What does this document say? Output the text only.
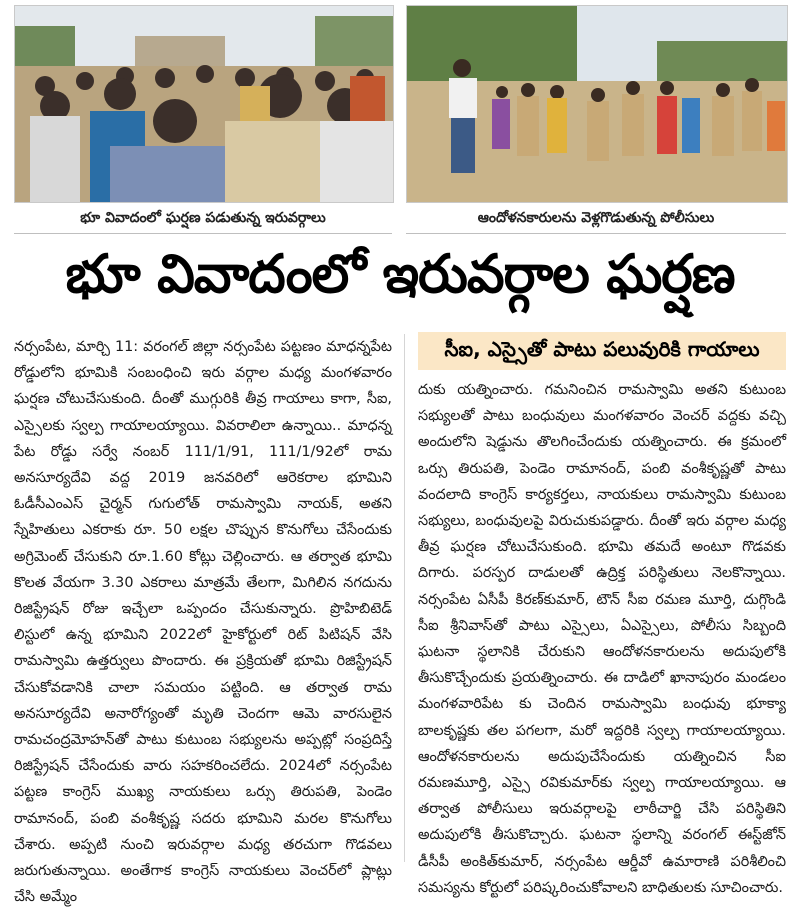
భూ వివాదంలో ఘర్షణ పడుతున్న ఇరువర్గాలు	ఆందోళనకారులను వెళ్లగొడుతున్న పోలీసులు
భూ వివాదంలో ఇరువర్గాల ఘర్షణ
సీఐ, ఎస్సైతో పాటు పలువురికి గాయాలు

నర్సంపేట, మార్చి 11: వరంగల్ జిల్లా నర్సంపేట పట్టణం మాధన్నపేట రోడ్డులోని భూమికి సంబంధించి ఇరు వర్గాల మధ్య మంగళవారం ఘర్షణ చోటుచేసుకుంది. దీంతో ముగ్గురికి తీవ్ర గాయాలు కాగా, సీఐ, ఎస్సైలకు స్వల్ప గాయాలయ్యాయి. వివరాలిలా ఉన్నాయి.. మాధన్న పేట రోడ్డు సర్వే నంబర్ 111/1/91, 111/1/92లో రామ అనసూర్యదేవి వద్ద 2019 జనవరిలో ఆరెకరాల భూమిని ఓడీసీఎంఎస్ చైర్మన్ గుగులోత్ రామస్వామి నాయక్, అతని స్నేహితులు ఎకరాకు రూ. 50 లక్షల చొప్పున కొనుగోలు చేసేందుకు అగ్రిమెంట్ చేసుకుని రూ.1.60 కోట్లు చెల్లించారు. ఆ తర్వాత భూమి కొలత వేయగా 3.30 ఎకరాలు మాత్రమే తేలగా, మిగిలిన నగదును రిజిస్ట్రేషన్ రోజు ఇచ్చేలా ఒప్పందం చేసుకున్నారు. ప్రొహిబిటెడ్ లిస్టులో ఉన్న భూమిని 2022లో హైకోర్టులో రిట్ పిటిషన్ వేసి రామస్వామి ఉత్తర్వులు పొందారు. ఈ ప్రక్రియతో భూమి రిజిస్ట్రేషన్ చేసుకోవడానికి చాలా సమయం పట్టింది. ఆ తర్వాత రామ అనసూర్యదేవి అనారోగ్యంతో మృతి చెందగా ఆమె వారసులైన రామచంద్రమోహన్‌తో పాటు కుటుంబ సభ్యులను అప్పట్లో సంప్రదిస్తే రిజిస్ట్రేషన్ చేసేందుకు వారు సహకరించలేదు. 2024లో నర్సంపేట పట్టణ కాంగ్రెస్ ముఖ్య నాయకులు ఒర్సు తిరుపతి, పెండెం రామానంద్, పంబి వంశీకృష్ణ సదరు భూమిని మరల కొనుగోలు చేశారు. అప్పటి నుంచి ఇరువర్గాల మధ్య తరచుగా గొడవలు జరుగుతున్నాయి. అంతేగాక కాంగ్రెస్ నాయకులు వెంచర్‌లో ప్లాట్లు చేసి అమ్మేం

దుకు యత్నించారు. గమనించిన రామస్వామి అతని కుటుంబ సభ్యులతో పాటు బంధువులు మంగళవారం వెంచర్ వద్దకు వచ్చి అందులోని షెడ్డును తొలగించేందుకు యత్నించారు. ఈ క్రమంలో ఒర్సు తిరుపతి, పెండెం రామానంద్, పంబి వంశీకృష్ణతో పాటు వందలాది కాంగ్రెస్ కార్యకర్తలు, నాయకులు రామస్వామి కుటుంబ సభ్యులు, బంధువులపై విరుచుకుపడ్డారు. దీంతో ఇరు వర్గాల మధ్య తీవ్ర ఘర్షణ చోటుచేసుకుంది. భూమి తమదే అంటూ గొడవకు దిగారు. పరస్పర దాడులతో ఉద్రిక్త పరిస్థితులు నెలకొన్నాయి. నర్సంపేట ఏసీపీ కిరణ్‌కుమార్, టౌన్ సీఐ రమణ మూర్తి, దుగ్గొండి సీఐ శ్రీనివాస్‌తో పాటు ఎస్సైలు, ఏఎస్సైలు, పోలీసు సిబ్బంది ఘటనా స్థలానికి చేరుకుని ఆందోళనకారులను అదుపులోకి తీసుకొచ్చేందుకు ప్రయత్నించారు. ఈ దాడిలో ఖానాపురం మండలం మంగళవారిపేట కు చెందిన రామస్వామి బంధువు భూక్యా బాలకృష్ణకు తల పగలగా, మరో ఇద్దరికి స్వల్ప గాయాలయ్యాయి. ఆందోళనకారులను అదుపుచేసేందుకు యత్నించిన సీఐ రమణమూర్తి, ఎస్సై రవికుమార్‌కు స్వల్ప గాయాలయ్యాయి. ఆ తర్వాత పోలీసులు ఇరువర్గాలపై లాఠీచార్జి చేసి పరిస్థితిని అదుపులోకి తీసుకొచ్చారు. ఘటనా స్థలాన్ని వరంగల్ ఈస్ట్‌జోన్ డీసీపీ అంకిత్‌కుమార్, నర్సంపేట ఆర్డీవో ఉమారాణి పరిశీలించి సమస్యను కోర్టులో పరిష్కరించుకోవాలని బాధితులకు సూచించారు.
